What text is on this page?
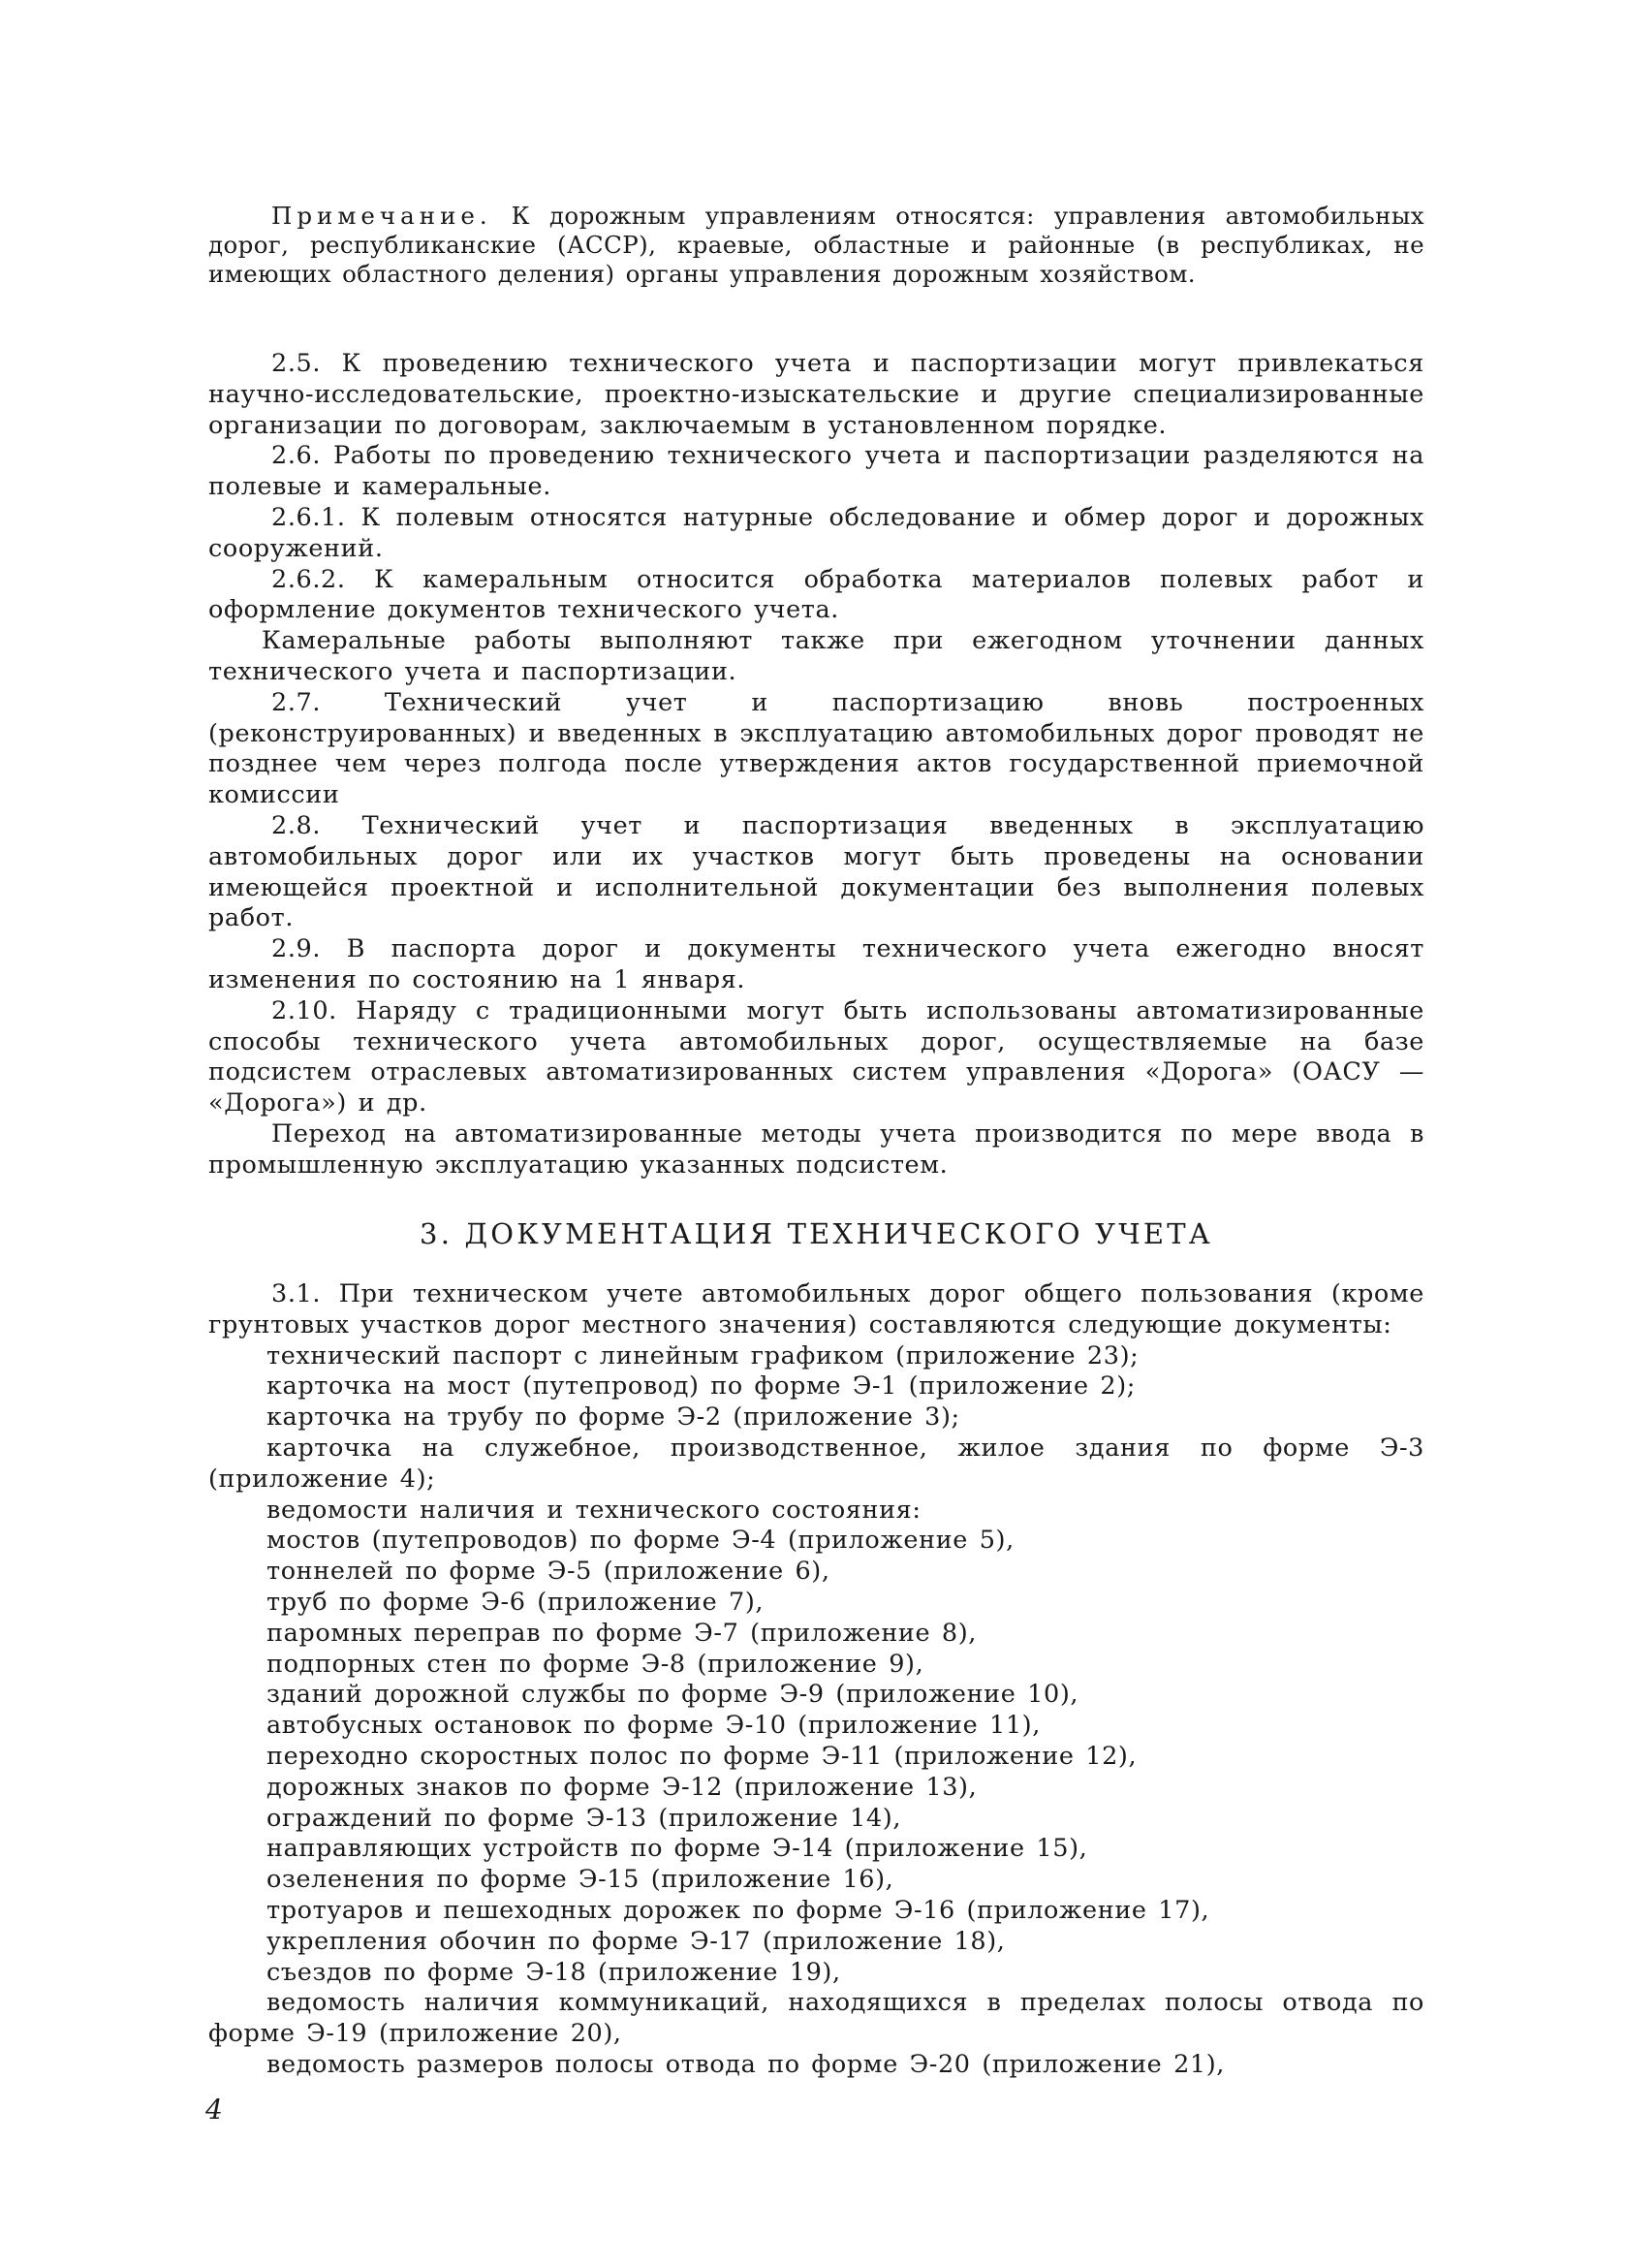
Примечание. К дорожным управлениям относятся: управления автомобильных дорог, республиканские (АССР), краевые, областные и районные (в республиках, не имеющих областного деления) органы управления дорожным хозяйством.

2.5. К проведению технического учета и паспортизации могут привлекаться научно-исследовательские, проектно-изыскательские и другие специализированные организации по договорам, заключаемым в установленном порядке.

2.6. Работы по проведению технического учета и паспортизации разделяются на полевые и камеральные.

2.6.1. К полевым относятся натурные обследование и обмер дорог и дорожных сооружений.

2.6.2. К камеральным относится обработка материалов полевых работ и оформление документов технического учета.

Камеральные работы выполняют также при ежегодном уточнении данных технического учета и паспортизации.

2.7. Технический учет и паспортизацию вновь построенных (реконструированных) и введенных в эксплуатацию автомобильных дорог проводят не позднее чем через полгода после утверждения актов государственной приемочной комиссии

2.8. Технический учет и паспортизация введенных в эксплуатацию автомобильных дорог или их участков могут быть проведены на основании имеющейся проектной и исполнительной документации без выполнения полевых работ.

2.9. В паспорта дорог и документы технического учета ежегодно вносят изменения по состоянию на 1 января.

2.10. Наряду с традиционными могут быть использованы автоматизированные способы технического учета автомобильных дорог, осуществляемые на базе подсистем отраслевых автоматизированных систем управления «Дорога» (ОАСУ — «Дорога») и др.

Переход на автоматизированные методы учета производится по мере ввода в промышленную эксплуатацию указанных подсистем.

3. ДОКУМЕНТАЦИЯ ТЕХНИЧЕСКОГО УЧЕТА

3.1. При техническом учете автомобильных дорог общего пользования (кроме грунтовых участков дорог местного значения) составляются следующие документы:

технический паспорт с линейным графиком (приложение 23);

карточка на мост (путепровод) по форме Э-1 (приложение 2);

карточка на трубу по форме Э-2 (приложение 3);

карточка на служебное, производственное, жилое здания по форме Э-3 (приложение 4);

ведомости наличия и технического состояния:

мостов (путепроводов) по форме Э-4 (приложение 5),

тоннелей по форме Э-5 (приложение 6),

труб по форме Э-6 (приложение 7),

паромных переправ по форме Э-7 (приложение 8),

подпорных стен по форме Э-8 (приложение 9),

зданий дорожной службы по форме Э-9 (приложение 10),

автобусных остановок по форме Э-10 (приложение 11),

переходно скоростных полос по форме Э-11 (приложение 12),

дорожных знаков по форме Э-12 (приложение 13),

ограждений по форме Э-13 (приложение 14),

направляющих устройств по форме Э-14 (приложение 15),

озеленения по форме Э-15 (приложение 16),

тротуаров и пешеходных дорожек по форме Э-16 (приложение 17),

укрепления обочин по форме Э-17 (приложение 18),

съездов по форме Э-18 (приложение 19),

ведомость наличия коммуникаций, находящихся в пределах полосы отвода по форме Э-19 (приложение 20),

ведомость размеров полосы отвода по форме Э-20 (приложение 21),

4
